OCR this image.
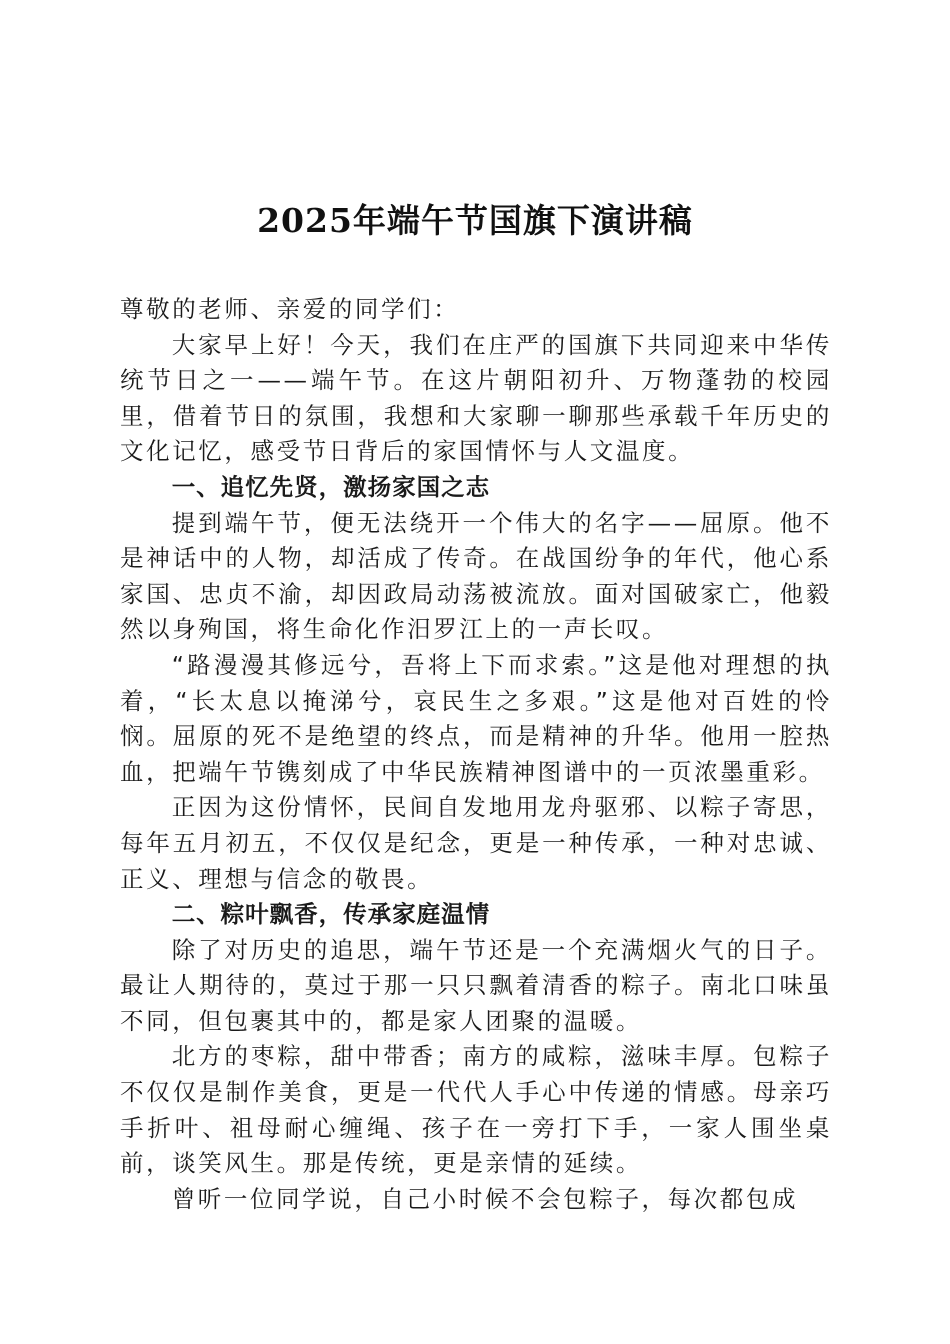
2025年端午节国旗下演讲稿

尊敬的老师、亲爱的同学们：

大家早上好！今天，我们在庄严的国旗下共同迎来中华传统节日之一——端午节。在这片朝阳初升、万物蓬勃的校园里，借着节日的氛围，我想和大家聊一聊那些承载千年历史的文化记忆，感受节日背后的家国情怀与人文温度。

一、追忆先贤，激扬家国之志

提到端午节，便无法绕开一个伟大的名字——屈原。他不是神话中的人物，却活成了传奇。在战国纷争的年代，他心系家国、忠贞不渝，却因政局动荡被流放。面对国破家亡，他毅然以身殉国，将生命化作汨罗江上的一声长叹。

“路漫漫其修远兮，吾将上下而求索。”这是他对理想的执着，“长太息以掩涕兮，哀民生之多艰。”这是他对百姓的怜悯。屈原的死不是绝望的终点，而是精神的升华。他用一腔热血，把端午节镌刻成了中华民族精神图谱中的一页浓墨重彩。

正因为这份情怀，民间自发地用龙舟驱邪、以粽子寄思，每年五月初五，不仅仅是纪念，更是一种传承，一种对忠诚、正义、理想与信念的敬畏。

二、粽叶飘香，传承家庭温情

除了对历史的追思，端午节还是一个充满烟火气的日子。最让人期待的，莫过于那一只只飘着清香的粽子。南北口味虽不同，但包裹其中的，都是家人团聚的温暖。

北方的枣粽，甜中带香；南方的咸粽，滋味丰厚。包粽子不仅仅是制作美食，更是一代代人手心中传递的情感。母亲巧手折叶、祖母耐心缠绳、孩子在一旁打下手，一家人围坐桌前，谈笑风生。那是传统，更是亲情的延续。

曾听一位同学说，自己小时候不会包粽子，每次都包成
